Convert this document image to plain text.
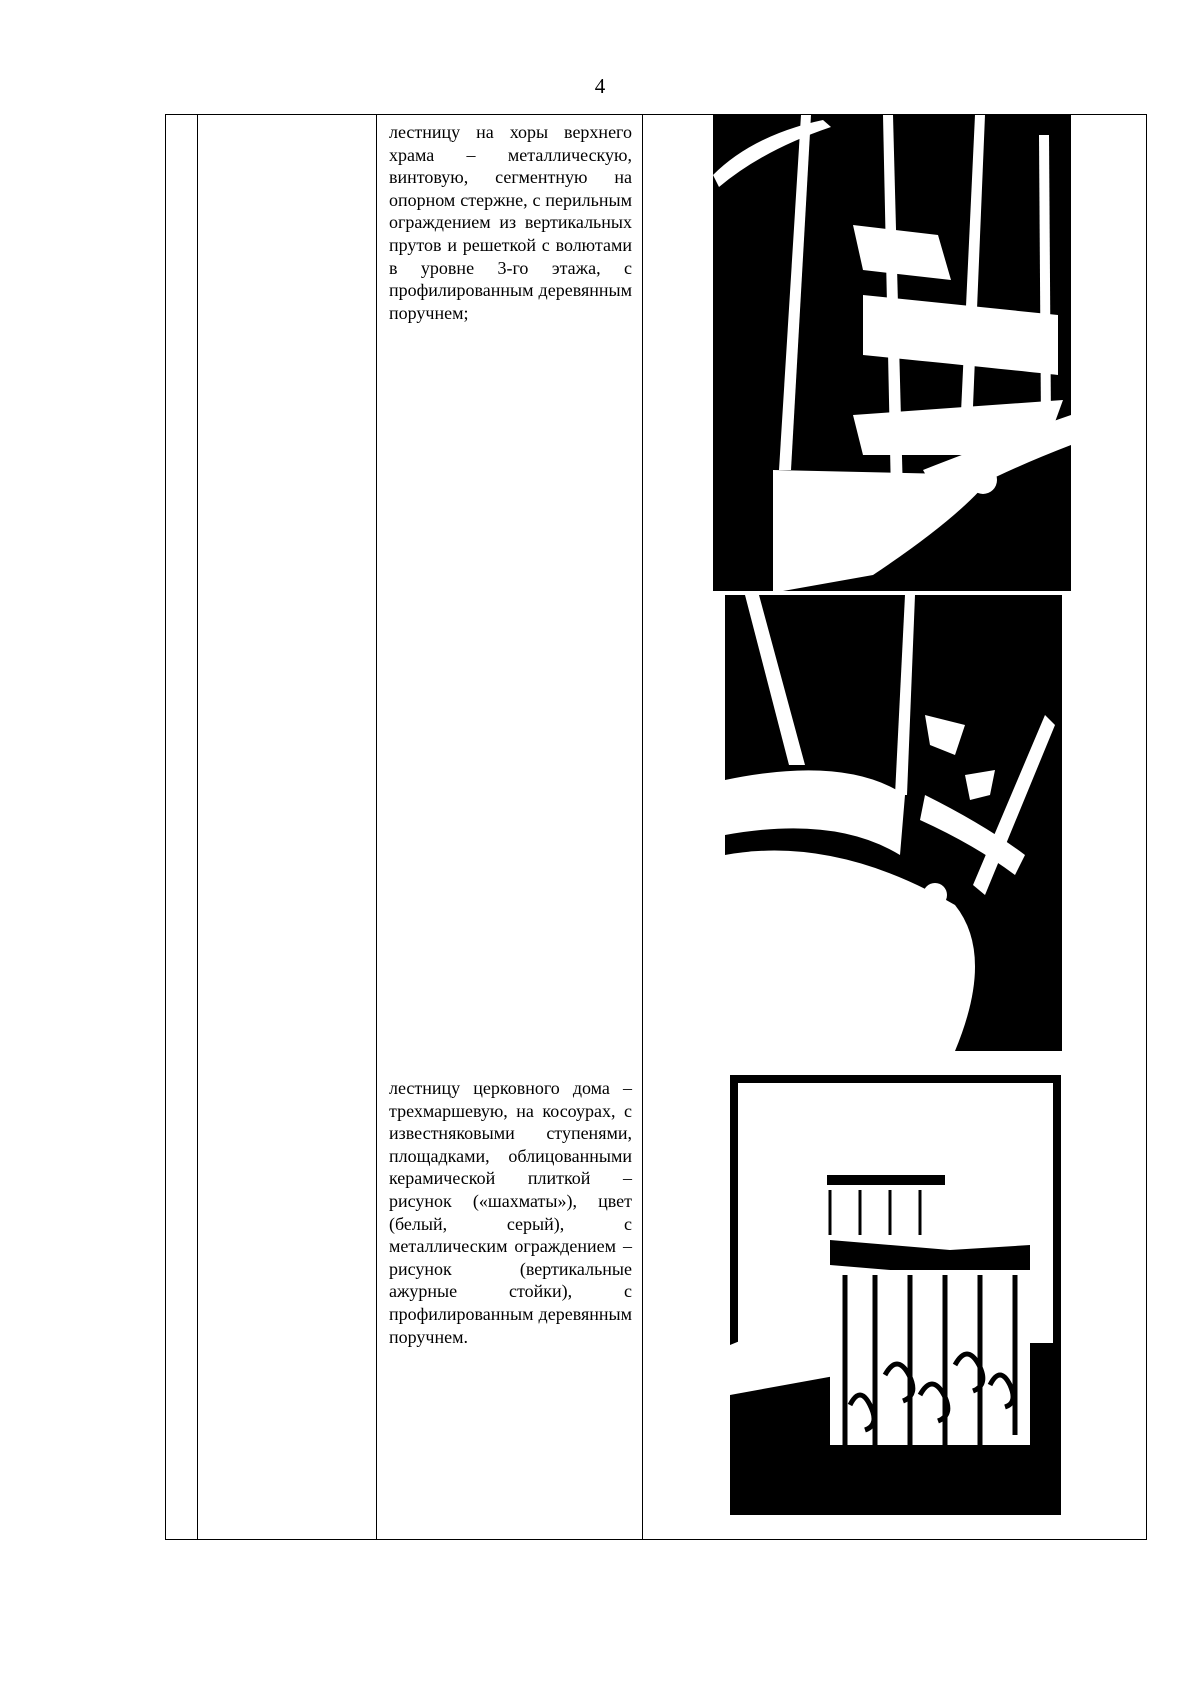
4

лестницу на хоры верхнего храма – металлическую, винтовую, сегментную на опорном стержне, с перильным ограждением из вертикальных прутов и решеткой с волютами в уровне 3-го этажа, с профилированным деревянным поручнем;

лестницу церковного дома – трехмаршевую, на косоурах, с известняковыми ступенями, площадками, облицованными керамической плиткой – рисунок («шахматы»), цвет (белый, серый), с металлическим ограждением – рисунок (вертикальные ажурные стойки), с профилированным деревянным поручнем.
